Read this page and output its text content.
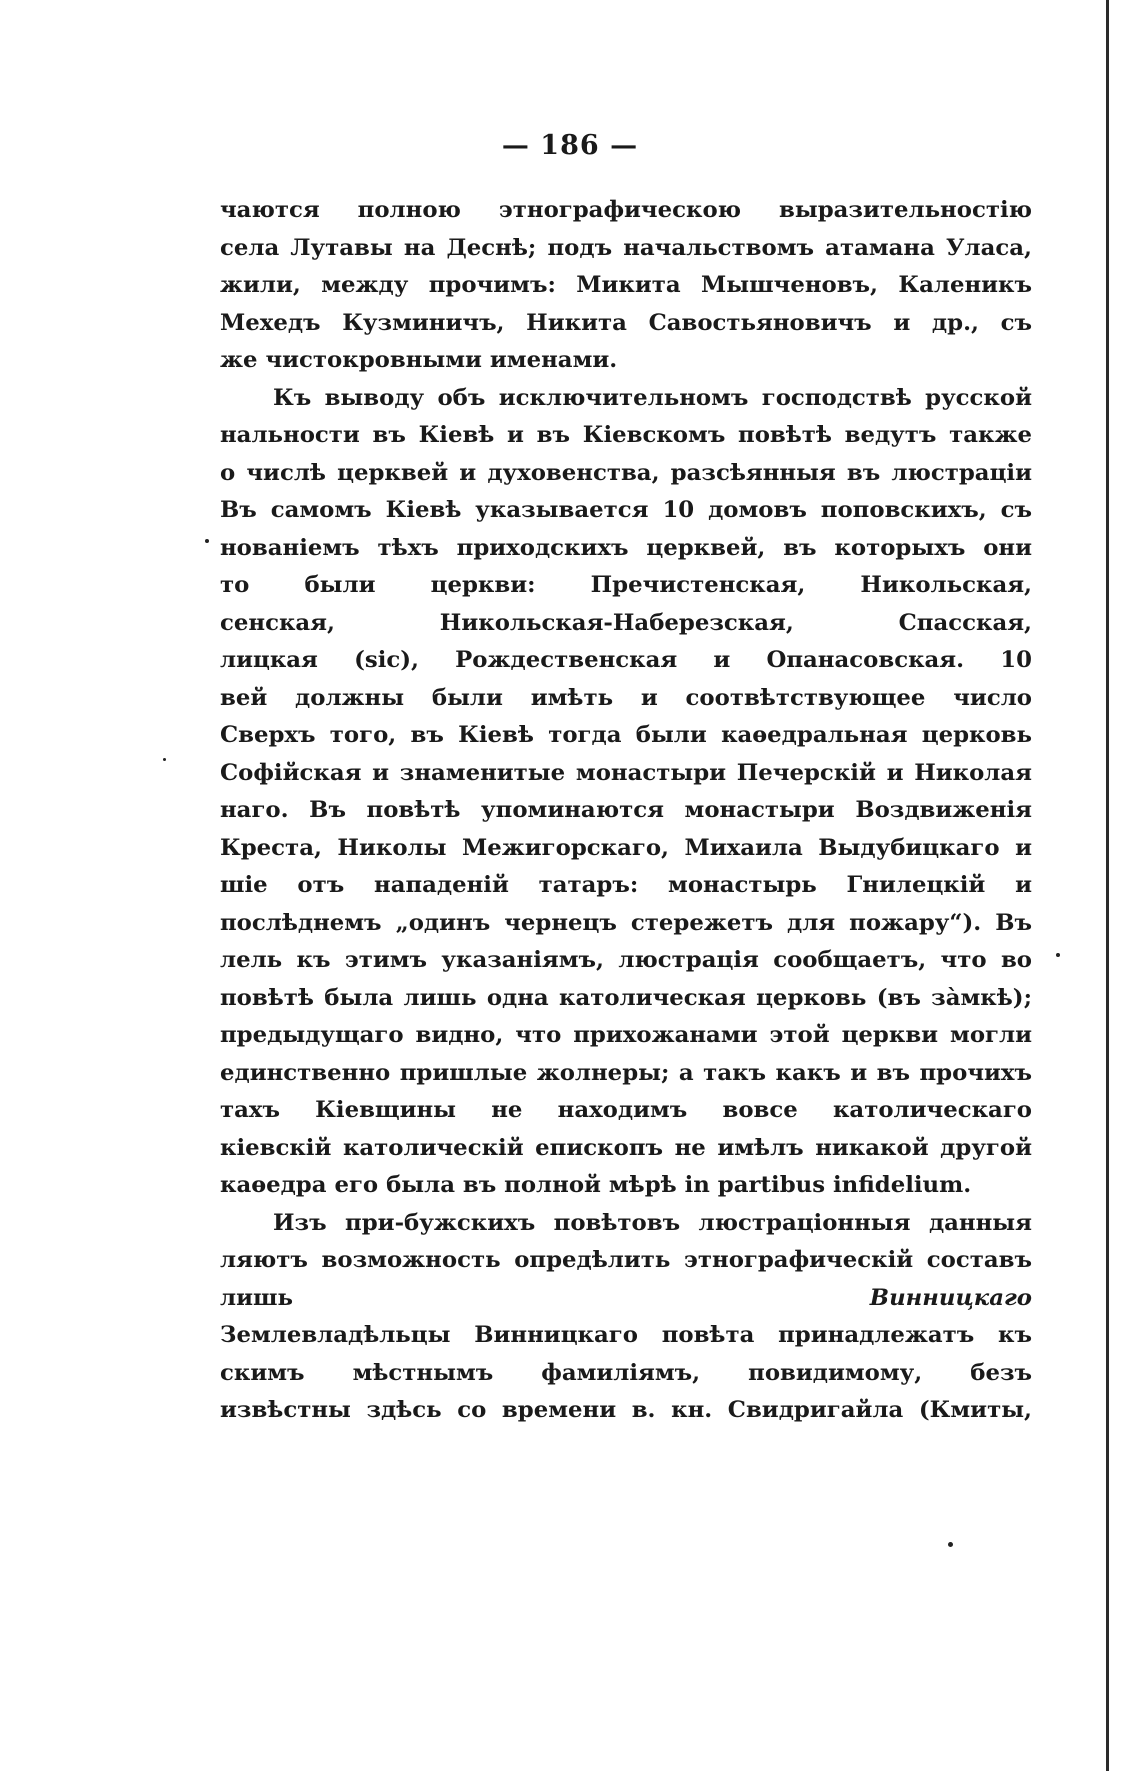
— 186 —
чаются полною этнографическою выразительностію
села Лутавы на Деснѣ; подъ начальствомъ атамана Уласа,
жили, между прочимъ: Микита Мышченовъ, Каленикъ
Мехедъ Кузминичъ, Никита Савостьяновичъ и др., съ
же чистокровными именами.
Къ выводу объ исключительномъ господствѣ русской
нальности въ Кіевѣ и въ Кіевскомъ повѣтѣ ведутъ также
о числѣ церквей и духовенства, разсѣянныя въ люстраціи
Въ самомъ Кіевѣ указывается 10 домовъ поповскихъ, съ
нованіемъ тѣхъ приходскихъ церквей, въ которыхъ они
то были церкви: Пречистенская, Никольская,
сенская, Никольская-Наберезская, Спасская,
лицкая (sic), Рождественская и Опанасовская. 10
вей должны были имѣть и соотвѣтствующее число
Сверхъ того, въ Кіевѣ тогда были каѳедральная церковь
Софійская и знаменитые монастыри Печерскій и Николая
наго. Въ повѣтѣ упоминаются монастыри Воздвиженія
Креста, Николы Межигорскаго, Михаила Выдубицкаго и
шіе отъ нападеній татаръ: монастырь Гнилецкій и
послѣднемъ „одинъ чернецъ стережетъ для пожару“). Въ
лель къ этимъ указаніямъ, люстрація сообщаетъ, что во
повѣтѣ была лишь одна католическая церковь (въ зàмкѣ);
предыдущаго видно, что прихожанами этой церкви могли
единственно пришлые жолнеры; а такъ какъ и въ прочихъ
тахъ Кіевщины не находимъ вовсе католическаго
кіевскій католическій епископъ не имѣлъ никакой другой
каѳедра его была въ полной мѣрѣ in partibus infidelium.
Изъ при-бужскихъ повѣтовъ люстраціонныя данныя
ляютъ возможность опредѣлить этнографическій составъ
лишь Винницкаго
Землевладѣльцы Винницкаго повѣта принадлежатъ къ
скимъ мѣстнымъ фамиліямъ, повидимому, безъ
извѣстны здѣсь со времени в. кн. Свидригайла (Кмиты,
